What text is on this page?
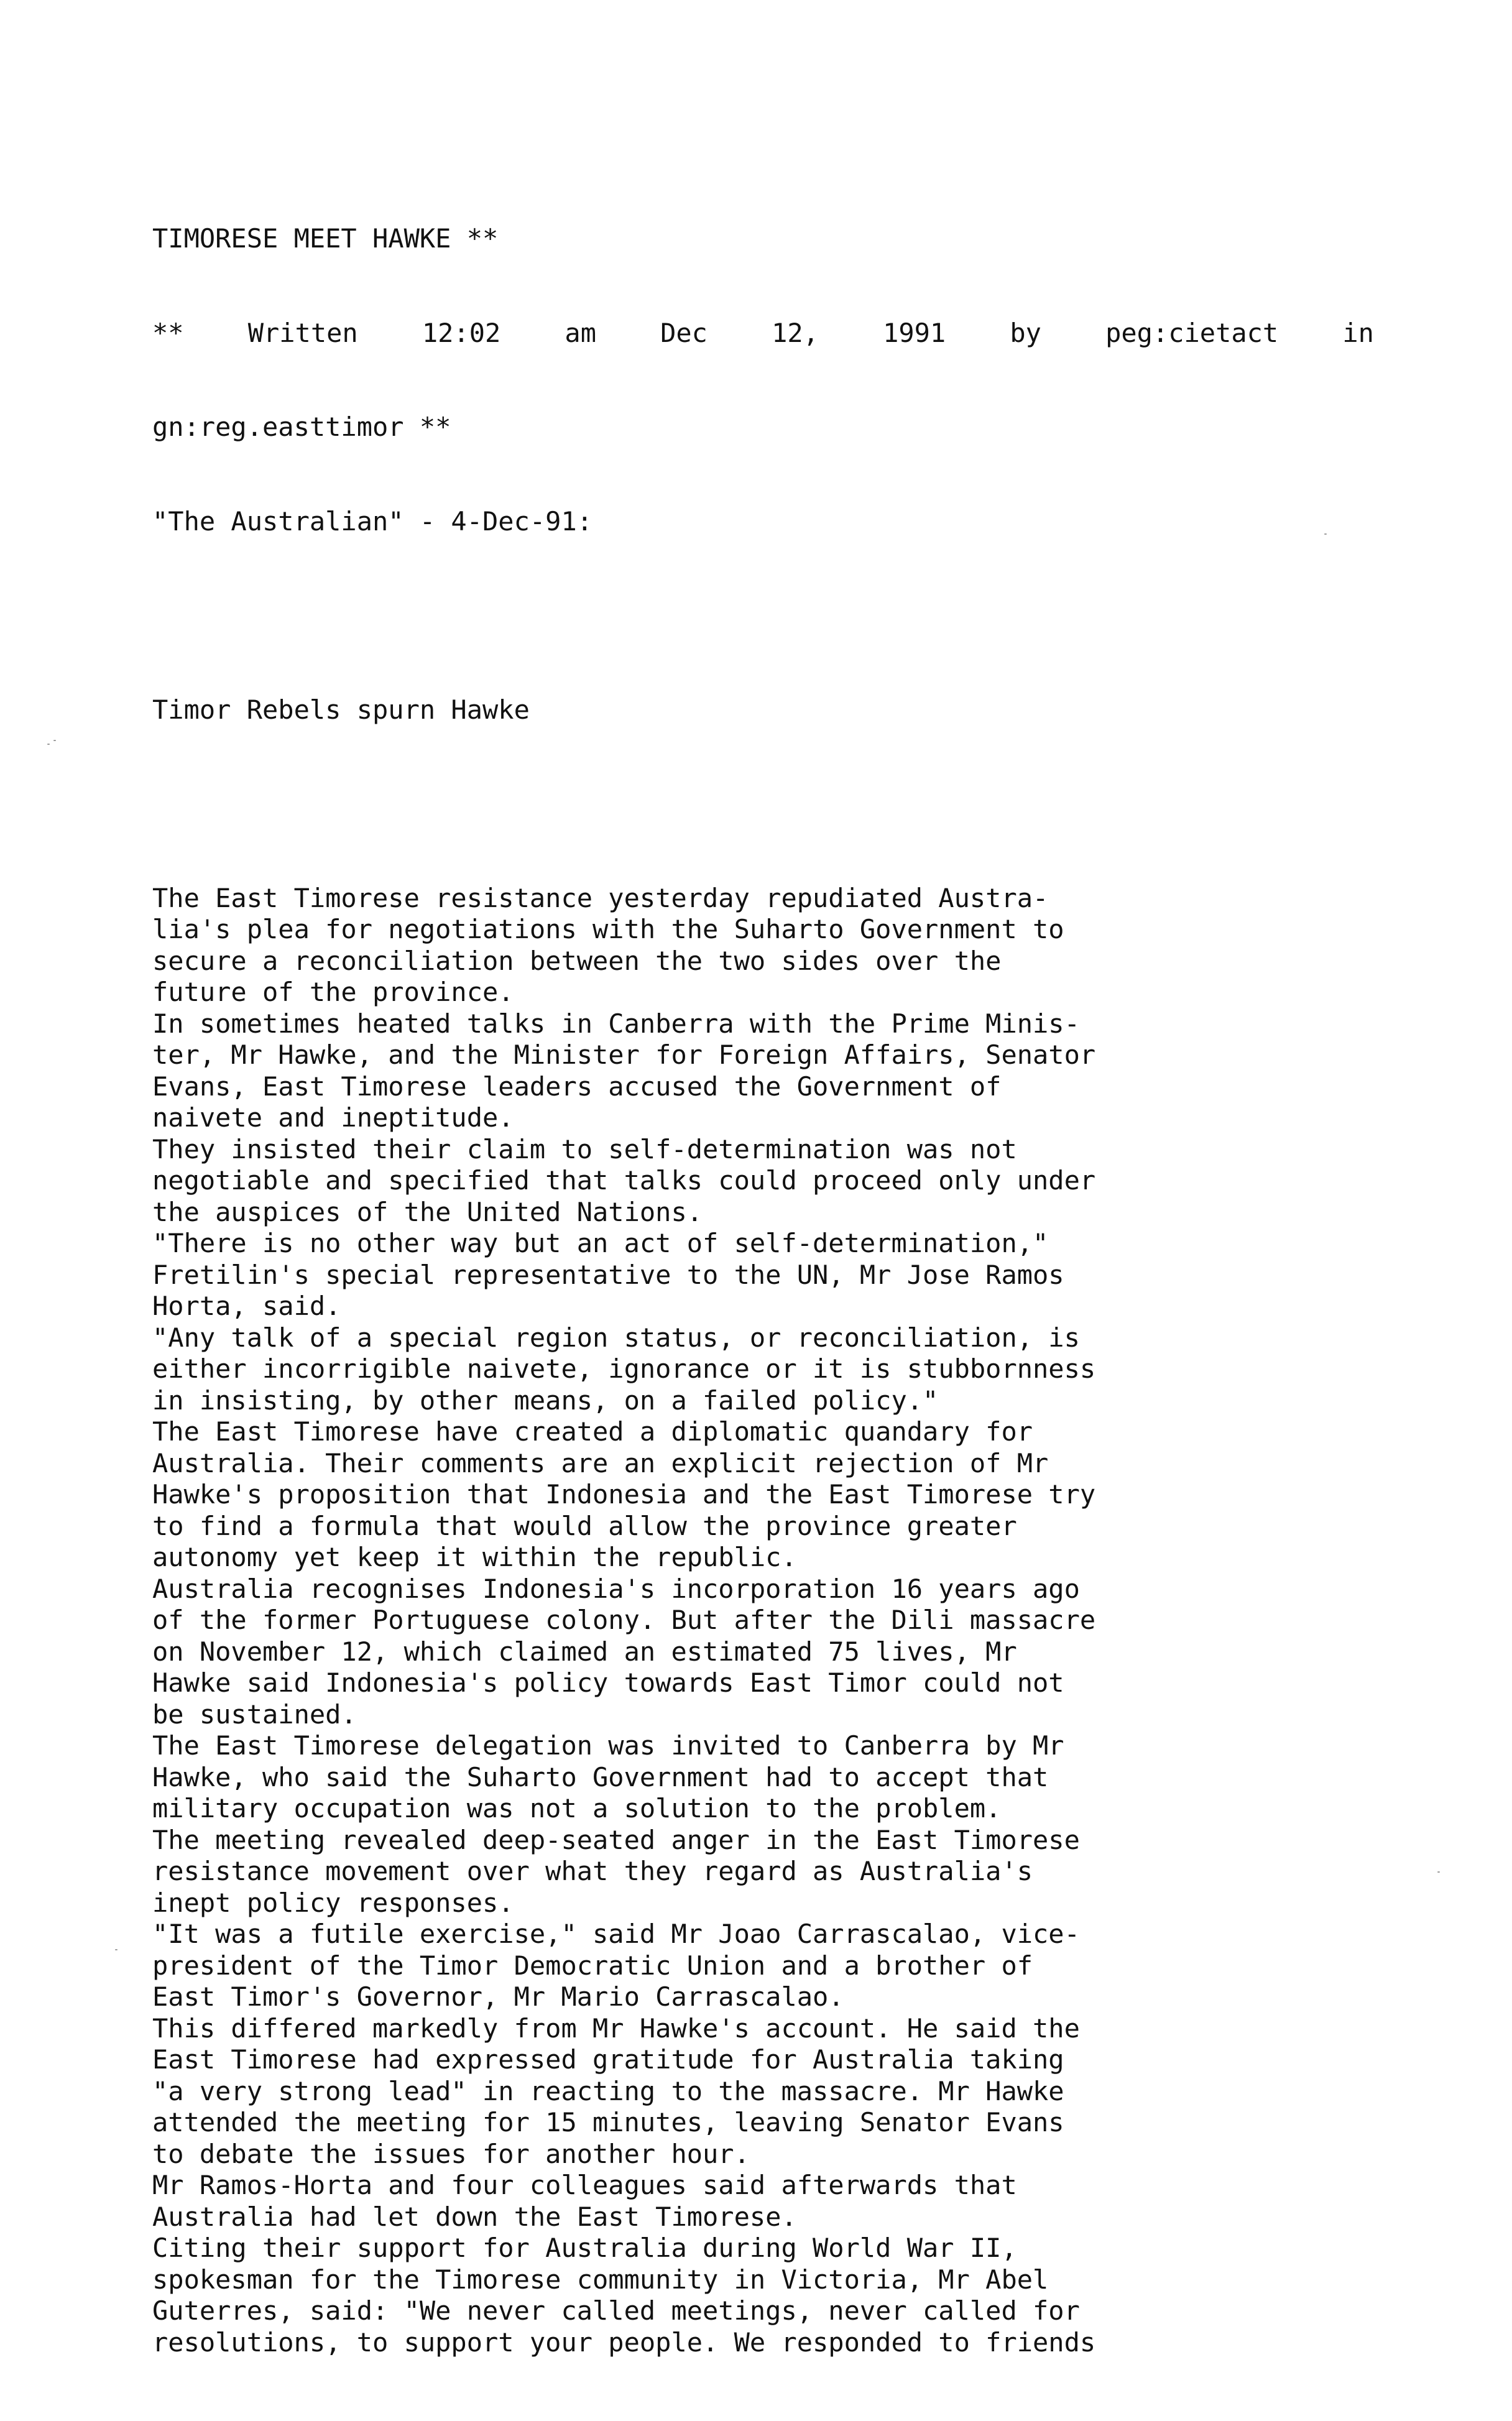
TIMORESE MEET HAWKE **

** Written 12:02 am Dec 12, 1991 by peg:cietact in

gn:reg.easttimor **

"The Australian" - 4-Dec-91:

Timor Rebels spurn Hawke

The East Timorese resistance yesterday repudiated Austra-
lia's plea for negotiations with the Suharto Government to
secure a reconciliation between the two sides over the
future of the province.
In sometimes heated talks in Canberra with the Prime Minis-
ter, Mr Hawke, and the Minister for Foreign Affairs, Senator
Evans, East Timorese leaders accused the Government of
naivete and ineptitude.
They insisted their claim to self-determination was not
negotiable and specified that talks could proceed only under
the auspices of the United Nations.
"There is no other way but an act of self-determination,"
Fretilin's special representative to the UN, Mr Jose Ramos
Horta, said.
"Any talk of a special region status, or reconciliation, is
either incorrigible naivete, ignorance or it is stubbornness
in insisting, by other means, on a failed policy."
The East Timorese have created a diplomatic quandary for
Australia. Their comments are an explicit rejection of Mr
Hawke's proposition that Indonesia and the East Timorese try
to find a formula that would allow the province greater
autonomy yet keep it within the republic.
Australia recognises Indonesia's incorporation 16 years ago
of the former Portuguese colony. But after the Dili massacre
on November 12, which claimed an estimated 75 lives, Mr
Hawke said Indonesia's policy towards East Timor could not
be sustained.
The East Timorese delegation was invited to Canberra by Mr
Hawke, who said the Suharto Government had to accept that
military occupation was not a solution to the problem.
The meeting revealed deep-seated anger in the East Timorese
resistance movement over what they regard as Australia's
inept policy responses.
"It was a futile exercise," said Mr Joao Carrascalao, vice-
president of the Timor Democratic Union and a brother of
East Timor's Governor, Mr Mario Carrascalao.
This differed markedly from Mr Hawke's account. He said the
East Timorese had expressed gratitude for Australia taking
"a very strong lead" in reacting to the massacre. Mr Hawke
attended the meeting for 15 minutes, leaving Senator Evans
to debate the issues for another hour.
Mr Ramos-Horta and four colleagues said afterwards that
Australia had let down the East Timorese.
Citing their support for Australia during World War II,
spokesman for the Timorese community in Victoria, Mr Abel
Guterres, said: "We never called meetings, never called for
resolutions, to support your people. We responded to friends
